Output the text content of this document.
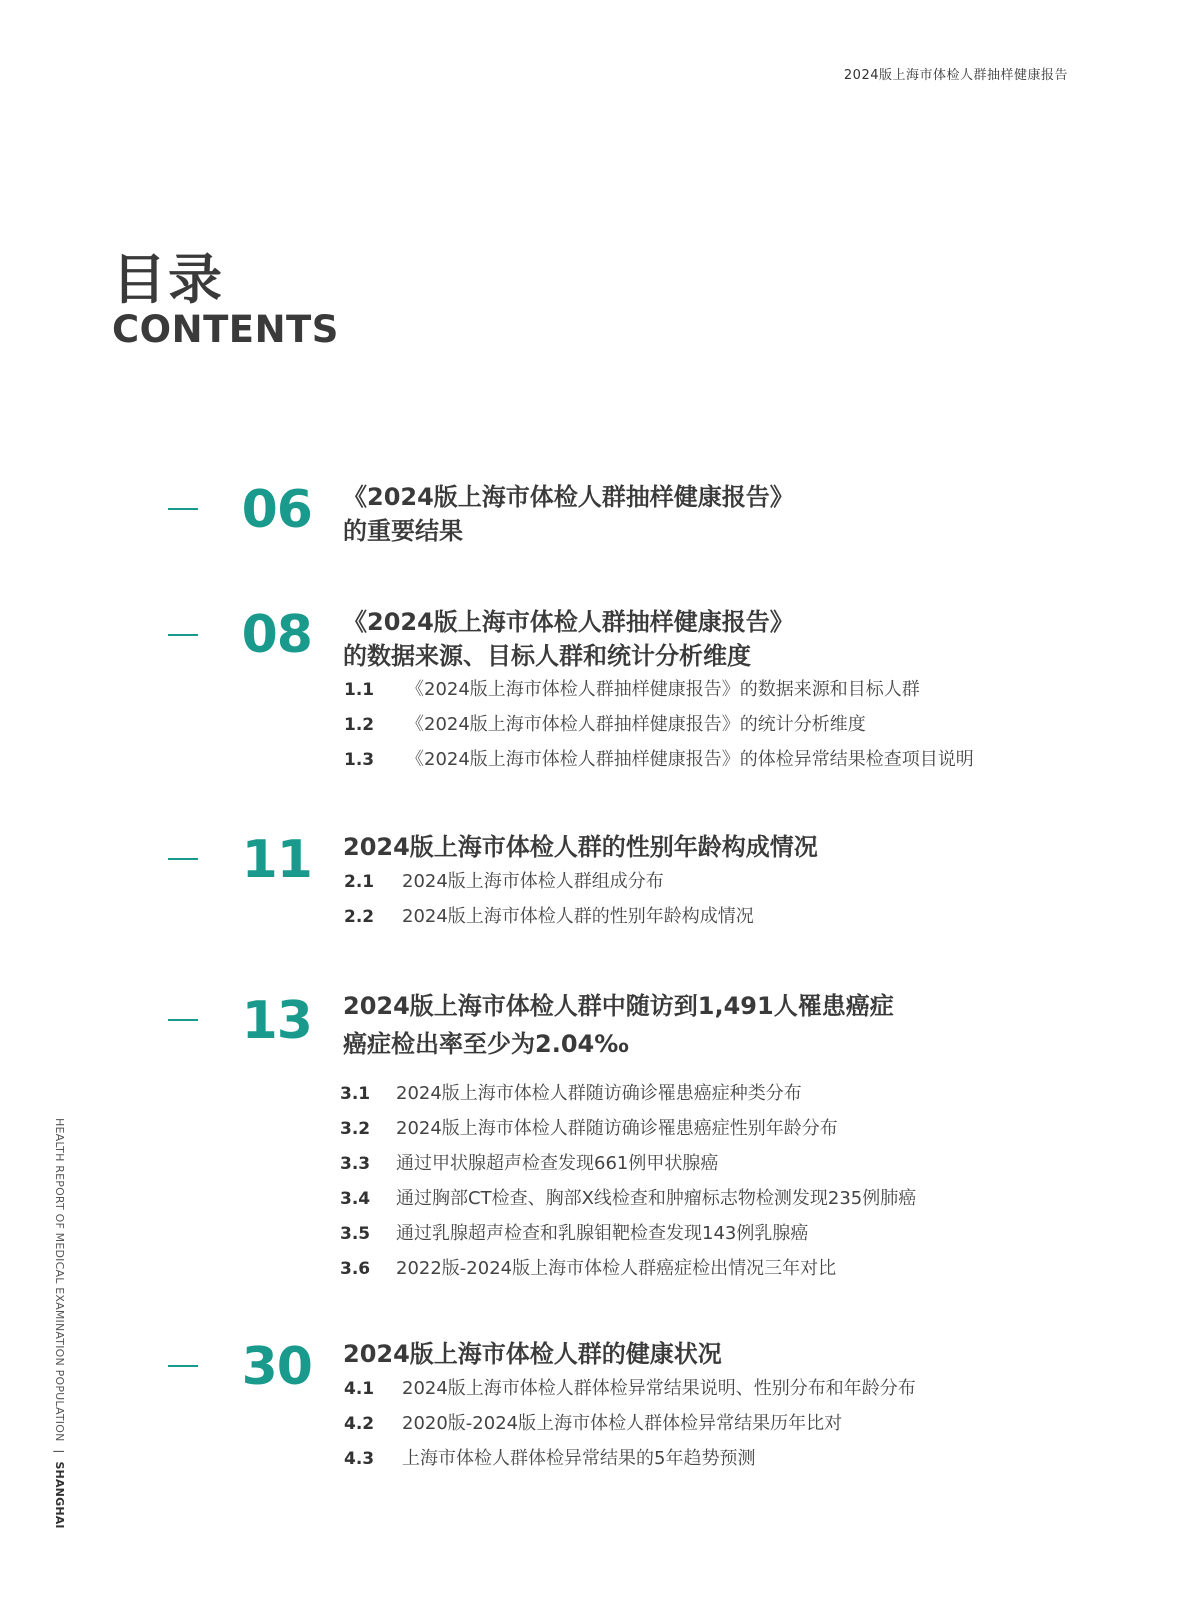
2024版上海市体检人群抽样健康报告
目录
CONTENTS
06 《2024版上海市体检人群抽样健康报告》
的重要结果
08 《2024版上海市体检人群抽样健康报告》
的数据来源、目标人群和统计分析维度
1.1 《2024版上海市体检人群抽样健康报告》的数据来源和目标人群
1.2 《2024版上海市体检人群抽样健康报告》的统计分析维度
1.3 《2024版上海市体检人群抽样健康报告》的体检异常结果检查项目说明
11 2024版上海市体检人群的性别年龄构成情况
2.1 2024版上海市体检人群组成分布
2.2 2024版上海市体检人群的性别年龄构成情况
13 2024版上海市体检人群中随访到1,491人罹患癌症
癌症检出率至少为2.04‰
3.1 2024版上海市体检人群随访确诊罹患癌症种类分布
3.2 2024版上海市体检人群随访确诊罹患癌症性别年龄分布
3.3 通过甲状腺超声检查发现661例甲状腺癌
3.4 通过胸部CT检查、胸部X线检查和肿瘤标志物检测发现235例肺癌
3.5 通过乳腺超声检查和乳腺钼靶检查发现143例乳腺癌
3.6 2022版-2024版上海市体检人群癌症检出情况三年对比
30 2024版上海市体检人群的健康状况
4.1 2024版上海市体检人群体检异常结果说明、性别分布和年龄分布
4.2 2020版-2024版上海市体检人群体检异常结果历年比对
4.3 上海市体检人群体检异常结果的5年趋势预测
HEALTH REPORT OF MEDICAL EXAMINATION POPULATION|SHANGHAI
